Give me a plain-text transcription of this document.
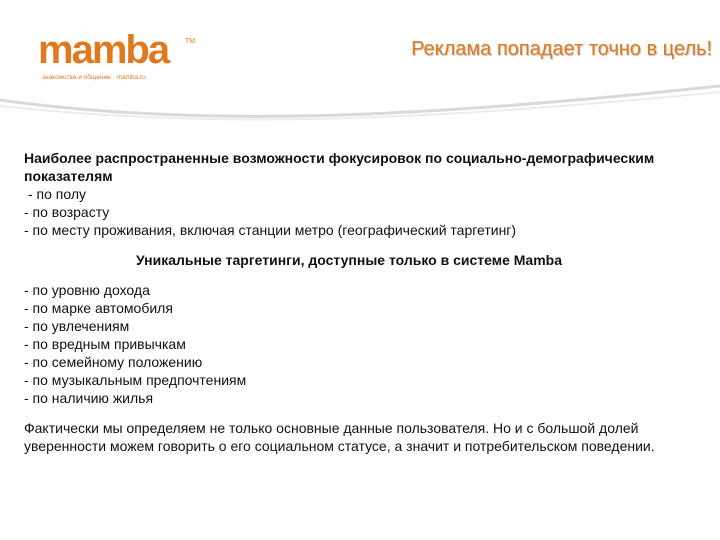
mamba TM
знакомства и общение · mamba.ru
Реклама попадает точно в цель!

Наиболее распространенные возможности фокусировок по социально-демографическим показателям

- по полу

- по возрасту

- по месту проживания, включая станции метро (географический таргетинг)

Уникальные таргетинги, доступные только в системе Mamba

- по уровню дохода

- по марке автомобиля

- по увлечениям

- по вредным привычкам

- по семейному положению

- по музыкальным предпочтениям

- по наличию жилья

Фактически мы определяем не только основные данные пользователя. Но и с большой долей уверенности можем говорить о его социальном статусе, а значит и потребительском поведении.
